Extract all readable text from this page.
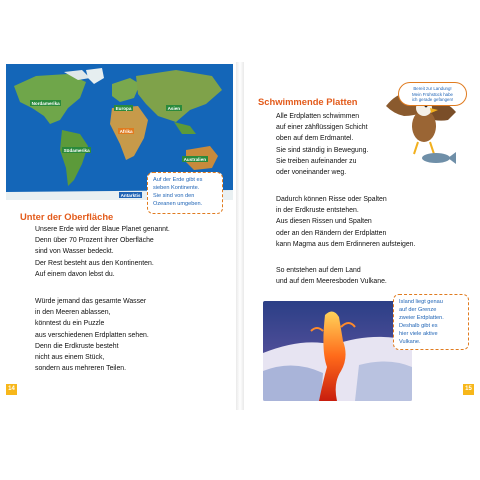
Nordamerika
Europa	Asien
Afrika
Südamerika
Australien
Antarktis
Auf der Erde gibt es
sieben Kontinente.
Sie sind von den
Ozeanen umgeben.
Unter der Oberfläche
Unsere Erde wird der Blaue Planet genannt.
Denn über 70 Prozent ihrer Oberfläche
sind von Wasser bedeckt.
Der Rest besteht aus den Kontinenten.
Auf einem davon lebst du.
Würde jemand das gesamte Wasser
in den Meeren ablassen,
könntest du ein Puzzle
aus verschiedenen Erdplatten sehen.
Denn die Erdkruste besteht
nicht aus einem Stück,
sondern aus mehreren Teilen.
14
Bereit zur Landung!
Mein Frühstück habe
ich gerade gefangen!
Schwimmende Platten
Alle Erdplatten schwimmen
auf einer zähflüssigen Schicht
oben auf dem Erdmantel.
Sie sind ständig in Bewegung.
Sie treiben aufeinander zu
oder voneinander weg.
Dadurch können Risse oder Spalten
in der Erdkruste entstehen.
Aus diesen Rissen und Spalten
oder an den Rändern der Erdplatten
kann Magma aus dem Erdinneren aufsteigen.
So entstehen auf dem Land
und auf dem Meeresboden Vulkane.
Island liegt genau
auf der Grenze
zweier Erdplatten.
Deshalb gibt es
hier viele aktive
Vulkane.
15
